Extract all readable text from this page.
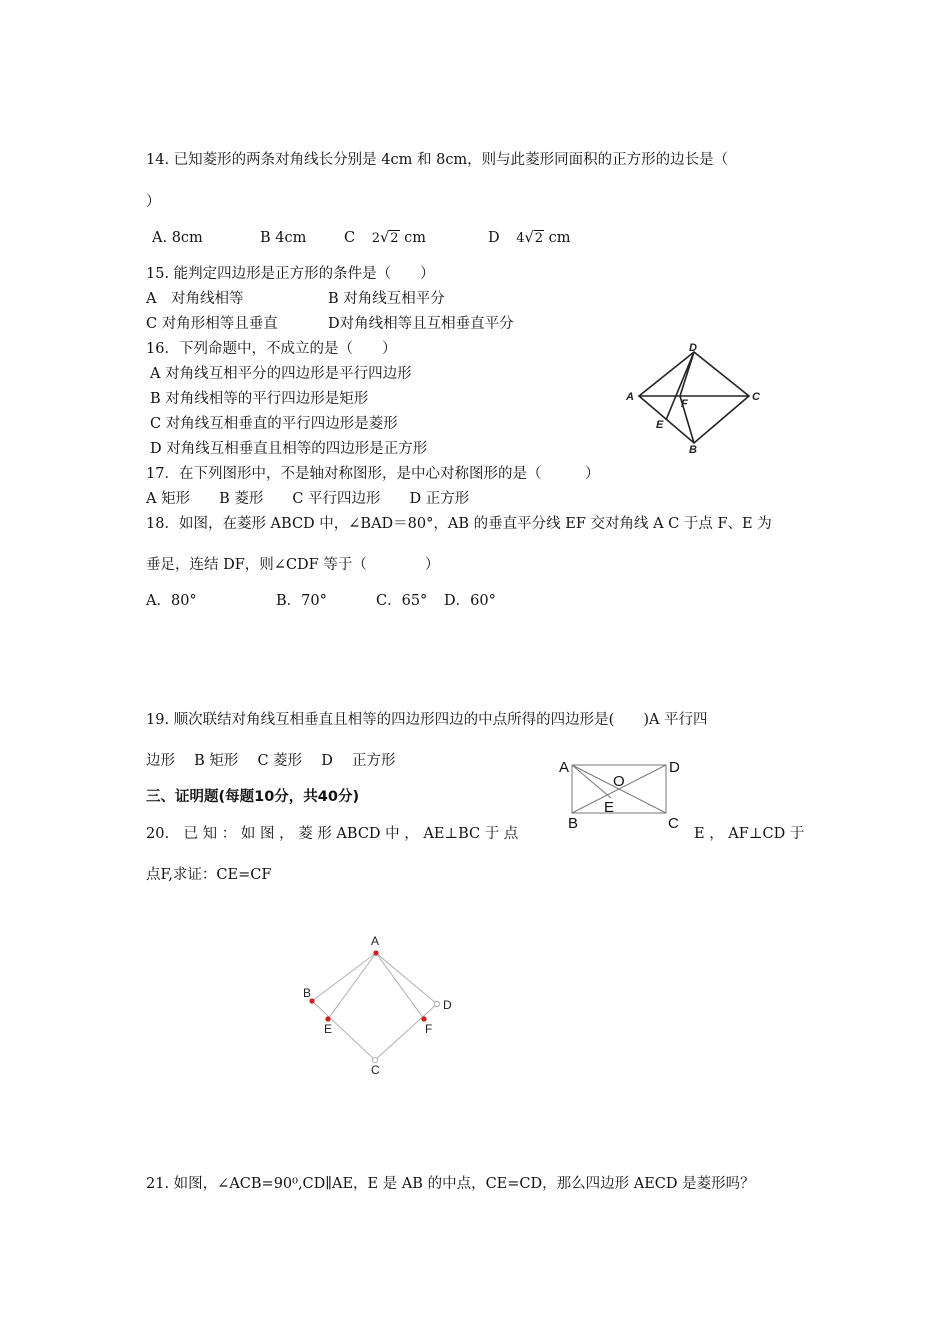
14. 已知菱形的两条对角线长分别是 4cm 和 8cm，则与此菱形同面积的正方形的边长是（
）
A. 8cm	B 4cm	C 2√2 cm	D 4√2 cm
15. 能判定四边形是正方形的条件是（　　）
A　对角线相等	B 对角线互相平分
C 对角形相等且垂直	D对角线相等且互相垂直平分
16．下列命题中，不成立的是（　　）
A 对角线互相平分的四边形是平行四边形
B 对角线相等的平行四边形是矩形
C 对角线互相垂直的平行四边形是菱形
D 对角线互相垂直且相等的四边形是正方形
D
A	C
F
E
B
17．在下列图形中，不是轴对称图形，是中心对称图形的是（　　　）
A 矩形　　B 菱形　　C 平行四边形　　D 正方形
18．如图，在菱形 ABCD 中，∠BAD＝80°，AB 的垂直平分线 EF 交对角线 A C 于点 F、E 为
垂足，连结 DF，则∠CDF 等于（　　　　）
A．80°	B．70°	C．65° D．60°
19. 顺次联结对角线互相垂直且相等的四边形四边的中点所得的四边形是(　　)A 平行四
边形　 B 矩形　 C 菱形　 D　 正方形	A	D
O
E
B	C
三、证明题(每题10分，共40分)
20.　已 知 ： 如 图 ， 菱 形 ABCD 中 ， AE⊥BC 于 点	E ， AF⊥CD 于
点F,求证：CE=CF
A
B
D
E	F
C
21. 如图，∠ACB=90⁰,CD∥AE，E 是 AB 的中点，CE=CD，那么四边形 AECD 是菱形吗？
